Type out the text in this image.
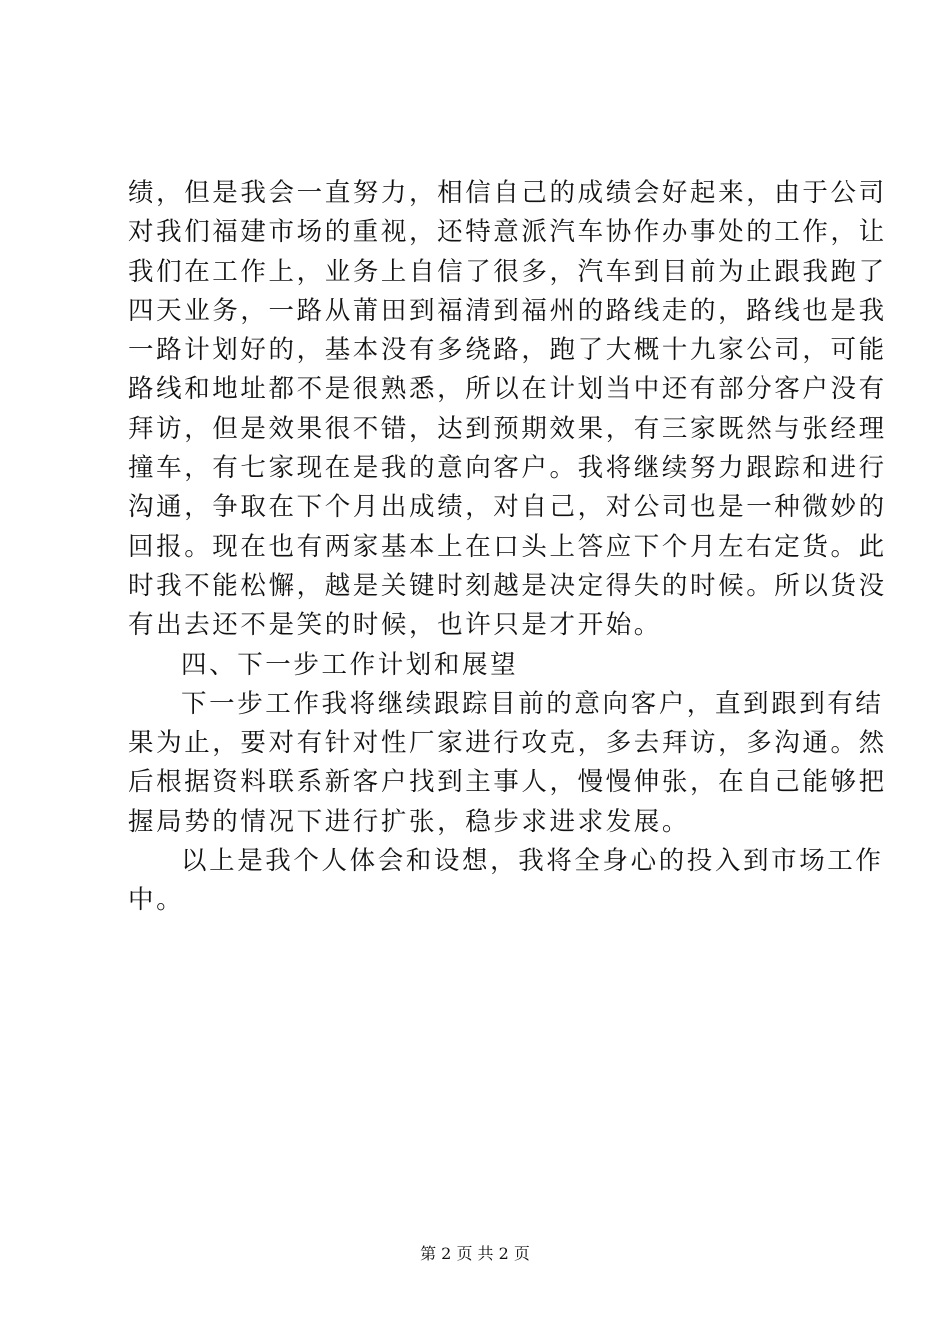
绩，但是我会一直努力，相信自己的成绩会好起来，由于公司
对我们福建市场的重视，还特意派汽车协作办事处的工作，让
我们在工作上，业务上自信了很多，汽车到目前为止跟我跑了
四天业务，一路从莆田到福清到福州的路线走的，路线也是我
一路计划好的，基本没有多绕路，跑了大概十九家公司，可能
路线和地址都不是很熟悉，所以在计划当中还有部分客户没有
拜访，但是效果很不错，达到预期效果，有三家既然与张经理
撞车，有七家现在是我的意向客户。我将继续努力跟踪和进行
沟通，争取在下个月出成绩，对自己，对公司也是一种微妙的
回报。现在也有两家基本上在口头上答应下个月左右定货。此
时我不能松懈，越是关键时刻越是决定得失的时候。所以货没
有出去还不是笑的时候，也许只是才开始。
四、下一步工作计划和展望
下一步工作我将继续跟踪目前的意向客户，直到跟到有结
果为止，要对有针对性厂家进行攻克，多去拜访，多沟通。然
后根据资料联系新客户找到主事人，慢慢伸张，在自己能够把
握局势的情况下进行扩张，稳步求进求发展。
以上是我个人体会和设想，我将全身心的投入到市场工作
中。
第 2 页 共 2 页
